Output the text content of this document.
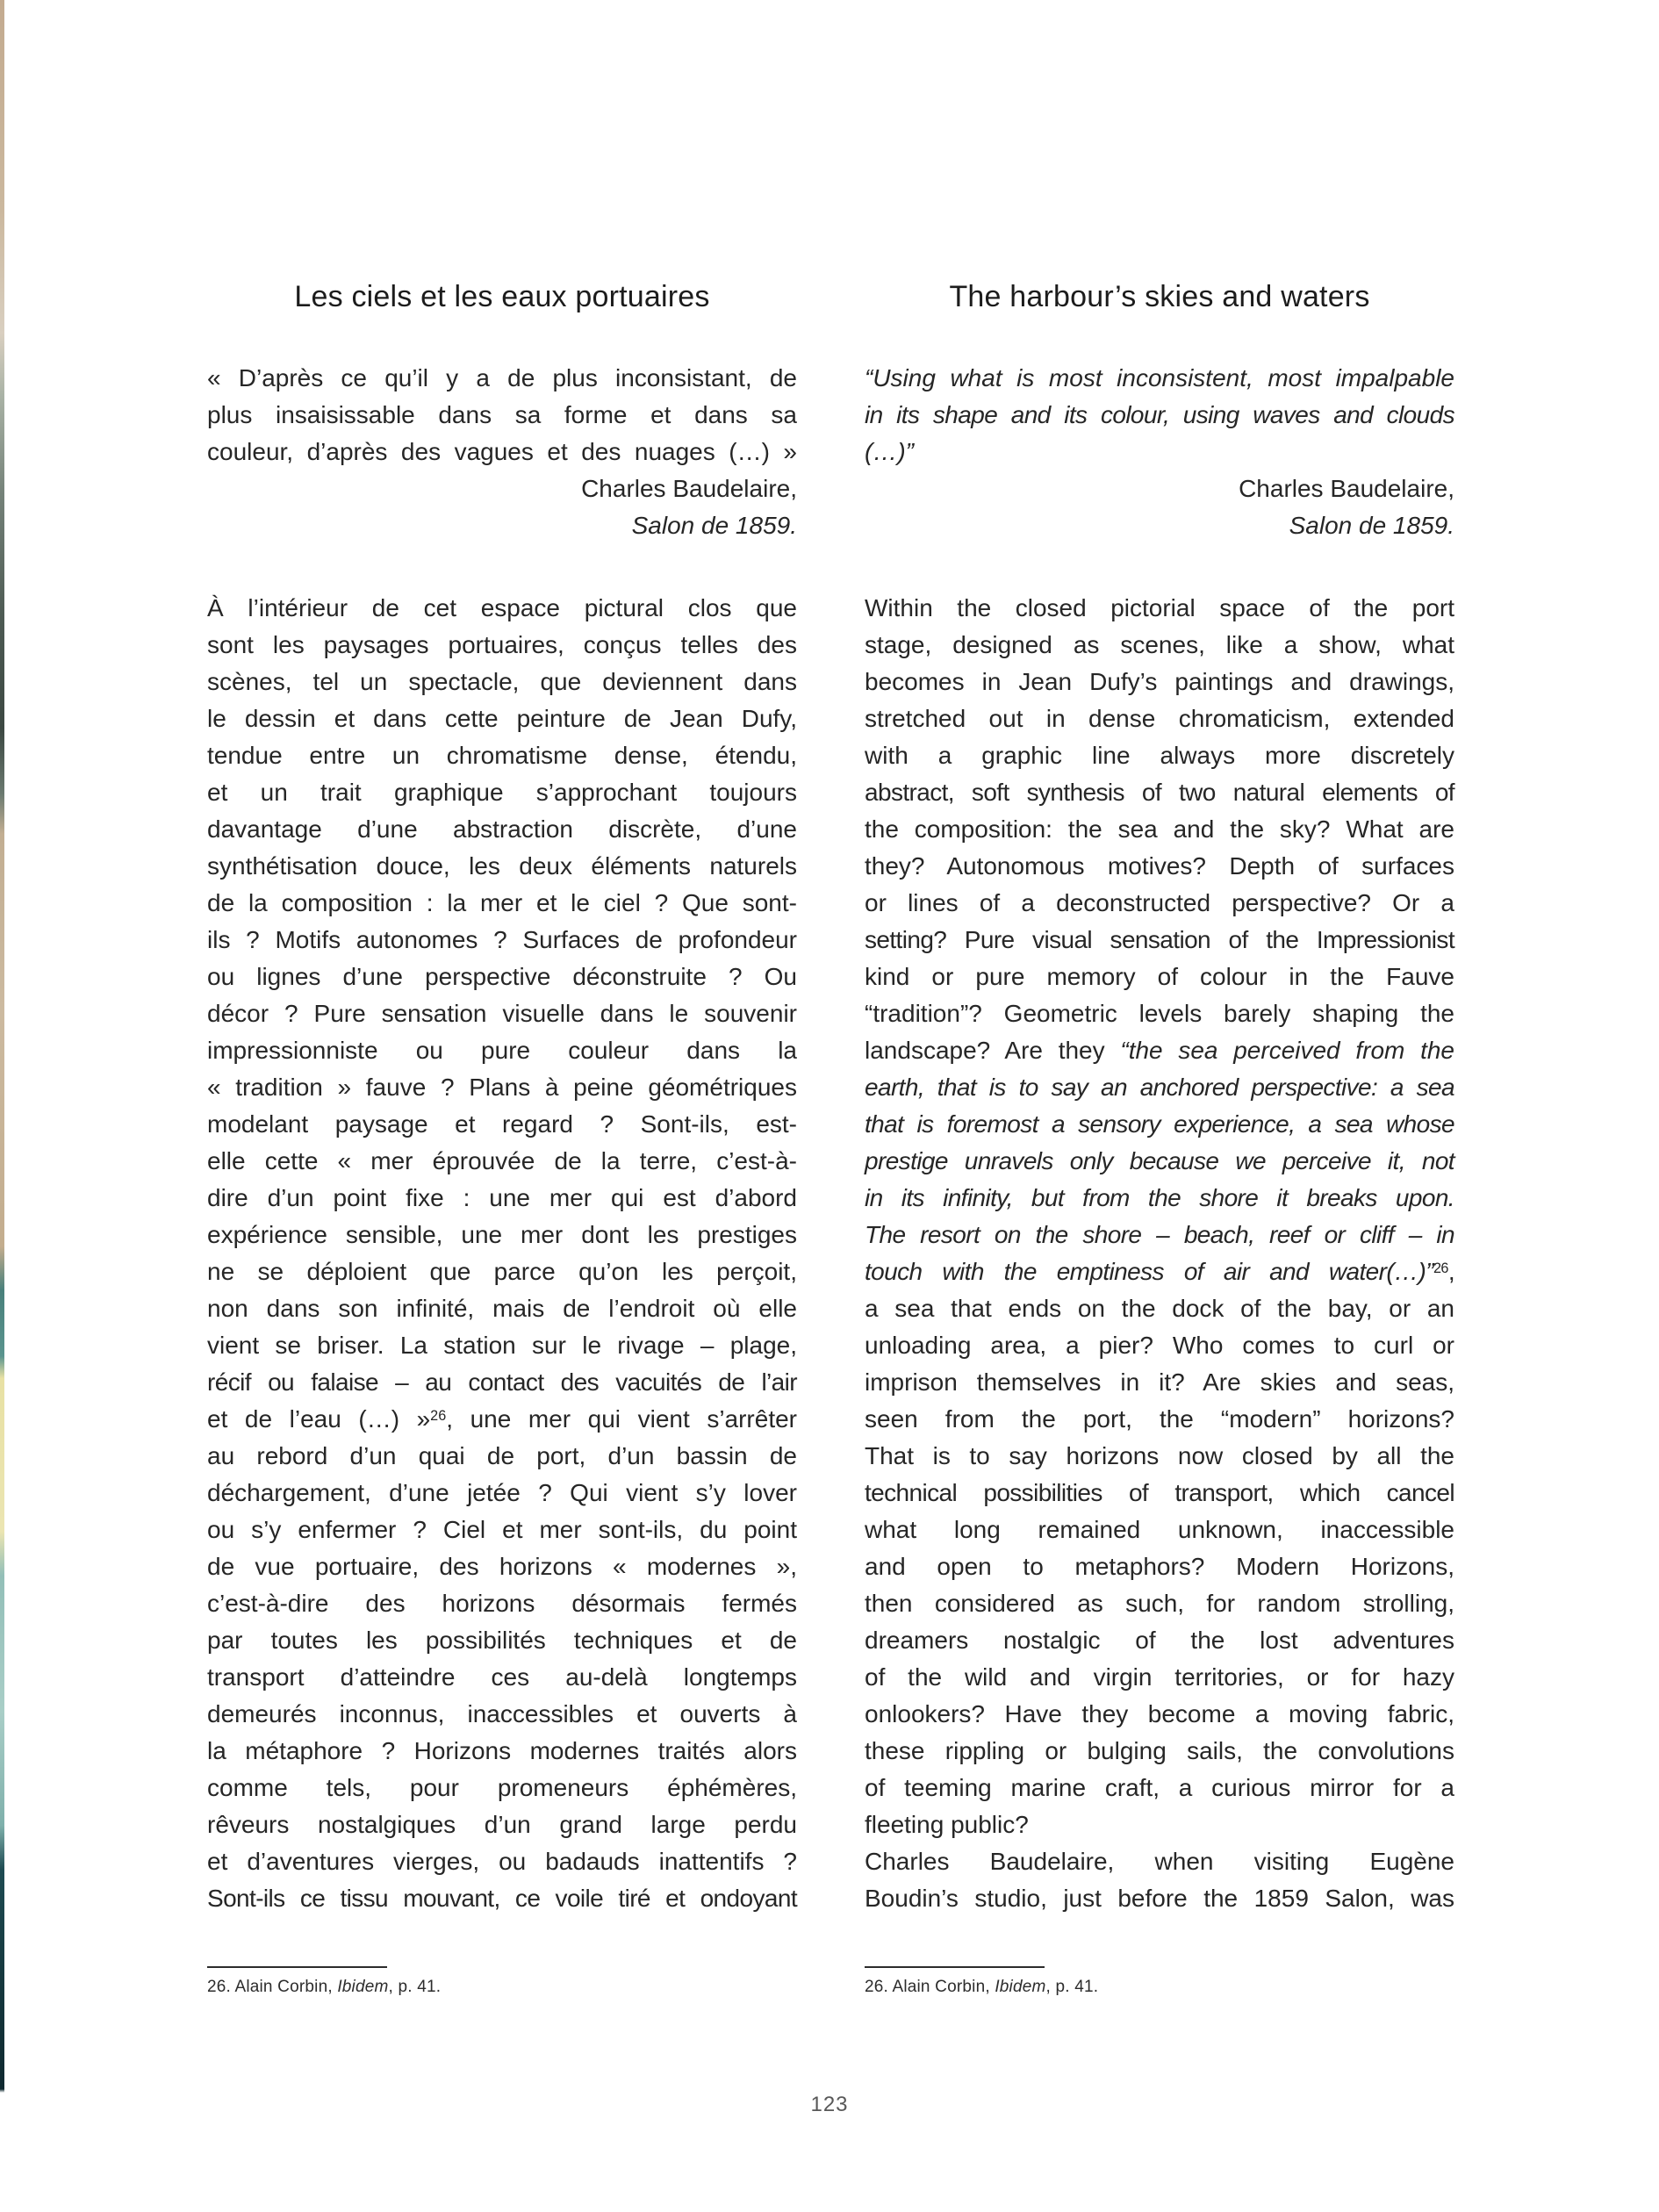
Les ciels et les eaux portuaires
« D’après ce qu’il y a de plus inconsistant, de
plus insaisissable dans sa forme et dans sa
couleur, d’après des vagues et des nuages (…) »
Charles Baudelaire,
Salon de 1859.
À l’intérieur de cet espace pictural clos que
sont les paysages portuaires, conçus telles des
scènes, tel un spectacle, que deviennent dans
le dessin et dans cette peinture de Jean Dufy,
tendue entre un chromatisme dense, étendu,
et un trait graphique s’approchant toujours
davantage d’une abstraction discrète, d’une
synthétisation douce, les deux éléments naturels
de la composition : la mer et le ciel ? Que sont-
ils ? Motifs autonomes ? Surfaces de profondeur
ou lignes d’une perspective déconstruite ? Ou
décor ? Pure sensation visuelle dans le souvenir
impressionniste ou pure couleur dans la
« tradition » fauve ? Plans à peine géométriques
modelant paysage et regard ? Sont-ils, est-
elle cette « mer éprouvée de la terre, c’est-à-
dire d’un point fixe : une mer qui est d’abord
expérience sensible, une mer dont les prestiges
ne se déploient que parce qu’on les perçoit,
non dans son infinité, mais de l’endroit où elle
vient se briser. La station sur le rivage – plage,
récif ou falaise – au contact des vacuités de l’air
et de l’eau (…) »$^{26}$, une mer qui vient s’arrêter
au rebord d’un quai de port, d’un bassin de
déchargement, d’une jetée ? Qui vient s’y lover
ou s’y enfermer ? Ciel et mer sont-ils, du point
de vue portuaire, des horizons « modernes »,
c’est-à-dire des horizons désormais fermés
par toutes les possibilités techniques et de
transport d’atteindre ces au-delà longtemps
demeurés inconnus, inaccessibles et ouverts à
la métaphore ? Horizons modernes traités alors
comme tels, pour promeneurs éphémères,
rêveurs nostalgiques d’un grand large perdu
et d’aventures vierges, ou badauds inattentifs ?
Sont-ils ce tissu mouvant, ce voile tiré et ondoyant
26. Alain Corbin, Ibidem, p. 41.
The harbour’s skies and waters
“Using what is most inconsistent, most impalpable
in its shape and its colour, using waves and clouds
(…)”
Charles Baudelaire,
Salon de 1859.
Within the closed pictorial space of the port
stage, designed as scenes, like a show, what
becomes in Jean Dufy’s paintings and drawings,
stretched out in dense chromaticism, extended
with a graphic line always more discretely
abstract, soft synthesis of two natural elements of
the composition: the sea and the sky? What are
they? Autonomous motives? Depth of surfaces
or lines of a deconstructed perspective? Or a
setting? Pure visual sensation of the Impressionist
kind or pure memory of colour in the Fauve
“tradition”? Geometric levels barely shaping the
landscape? Are they “the sea perceived from the
earth, that is to say an anchored perspective: a sea
that is foremost a sensory experience, a sea whose
prestige unravels only because we perceive it, not
in its infinity, but from the shore it breaks upon.
The resort on the shore – beach, reef or cliff – in
touch with the emptiness of air and water(…)”$^{26}$,
a sea that ends on the dock of the bay, or an
unloading area, a pier? Who comes to curl or
imprison themselves in it? Are skies and seas,
seen from the port, the “modern” horizons?
That is to say horizons now closed by all the
technical possibilities of transport, which cancel
what long remained unknown, inaccessible
and open to metaphors? Modern Horizons,
then considered as such, for random strolling,
dreamers nostalgic of the lost adventures
of the wild and virgin territories, or for hazy
onlookers? Have they become a moving fabric,
these rippling or bulging sails, the convolutions
of teeming marine craft, a curious mirror for a
fleeting public?
Charles Baudelaire, when visiting Eugène
Boudin’s studio, just before the 1859 Salon, was
26. Alain Corbin, Ibidem, p. 41.
123
